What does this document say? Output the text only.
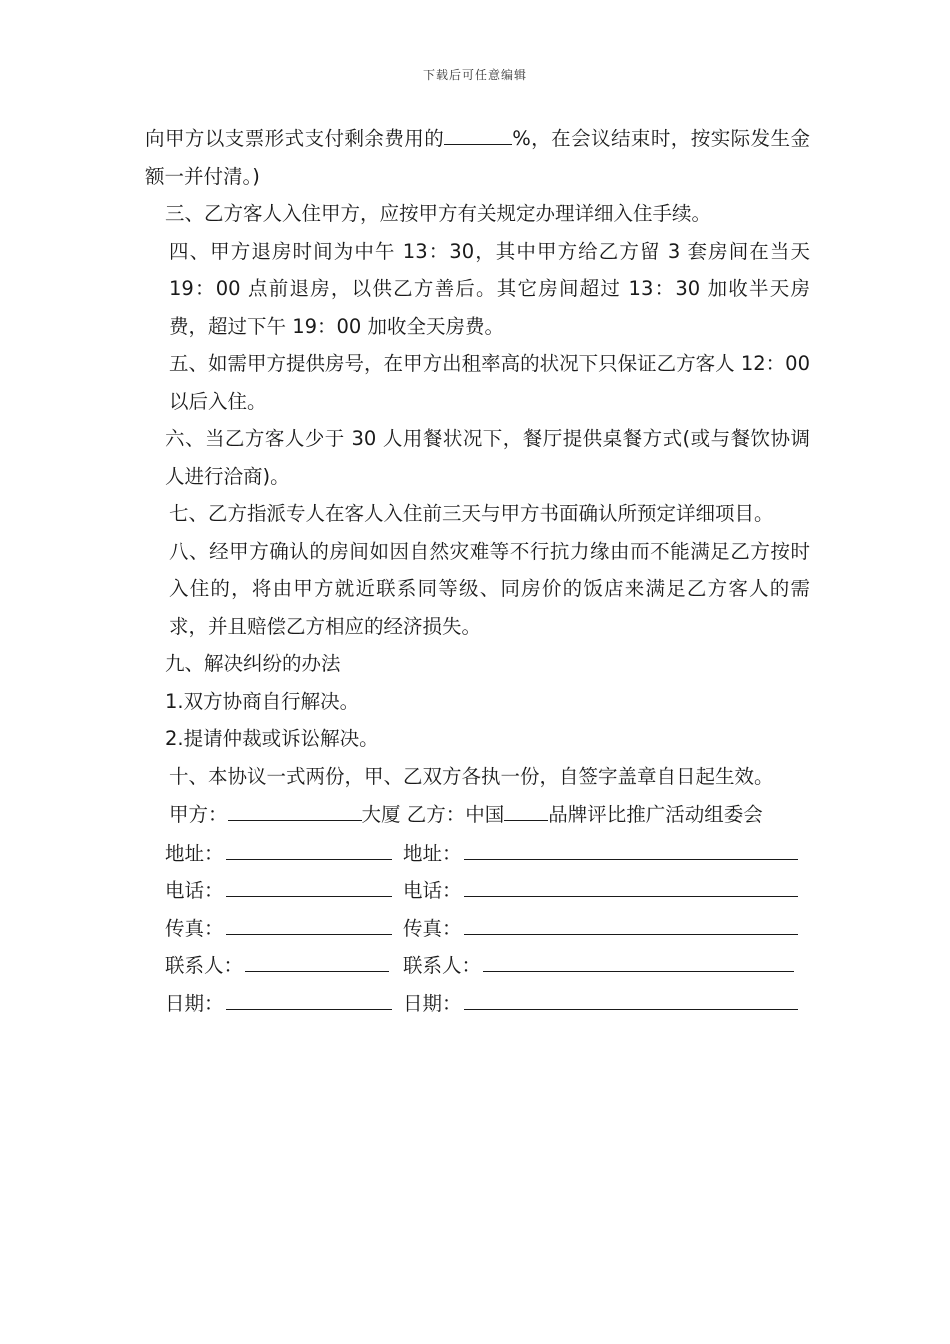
下载后可任意编辑

向甲方以支票形式支付剩余费用的	%，在会议结束时，按实际发生金额一并付清。)

三、乙方客人入住甲方，应按甲方有关规定办理详细入住手续。

四、甲方退房时间为中午 13：30，其中甲方给乙方留 3 套房间在当天 19：00 点前退房，以供乙方善后。其它房间超过 13：30 加收半天房费，超过下午 19：00 加收全天房费。

五、如需甲方提供房号，在甲方出租率高的状况下只保证乙方客人 12：00 以后入住。

六、当乙方客人少于 30 人用餐状况下，餐厅提供桌餐方式(或与餐饮协调人进行洽商)。

七、乙方指派专人在客人入住前三天与甲方书面确认所预定详细项目。

八、经甲方确认的房间如因自然灾难等不行抗力缘由而不能满足乙方按时入住的，将由甲方就近联系同等级、同房价的饭店来满足乙方客人的需求，并且赔偿乙方相应的经济损失。

九、解决纠纷的办法

1.双方协商自行解决。

2.提请仲裁或诉讼解决。

十、本协议一式两份，甲、乙双方各执一份，自签字盖章自日起生效。

甲方：	大厦 乙方：中国 品牌评比推广活动组委会

地址：	地址：
电话：	电话：
传真：	传真：
联系人：	联系人：
日期：	日期：
